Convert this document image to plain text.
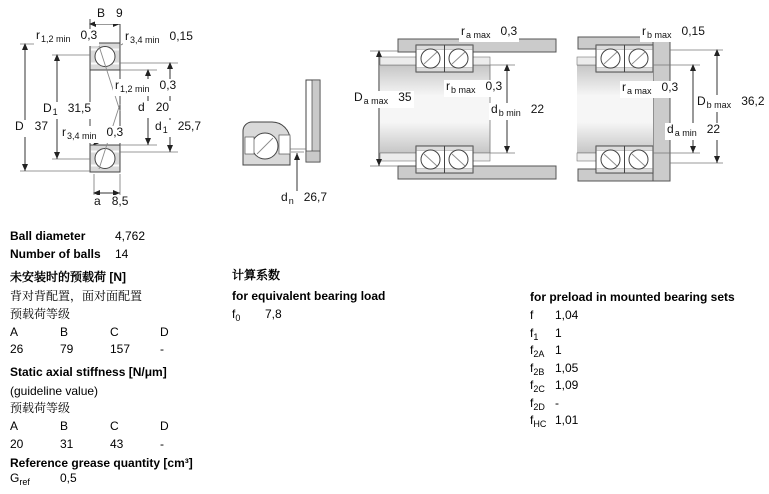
B 9
$r_{1,2 min}$ 0,3 $r_{3,4 min}$ 0,15
$r_{1,2 min}$ 0,3
$D_1$ 31,5	d 20
D 37 $r_{3,4 min}$ 0,3	$d_1$ 25,7
a 8,5	$d_n$ 26,7
$r_{a max}$ 0,3
$D_{a max}$ 35
$r_{b max}$ 0,3
$d_{b min}$ 22
$r_{b max}$ 0,15
$r_{a max}$ 0,3
$D_{b max}$ 36,2
$d_{a min}$ 22
Ball diameter 4,762
Number of balls 14
未安装时的预载荷 [N]
背对背配置，面对面配置
预载荷等级
A	B	C	D
26	79	157 -
Static axial stiffness [N/μm]
(guideline value)
预载荷等级
A	B	C	D
20	31	43	-
Reference grease quantity [cm³]
$G_{ref}$	0,5
计算系数
for equivalent bearing load
$f_0$ 7,8
for preload in mounted bearing sets
f 1,04
$f_1$ 1
$f_{2A}$ 1
$f_{2B}$ 1,05
$f_{2C}$ 1,09
$f_{2D}$ -
$f_{HC}$ 1,01
